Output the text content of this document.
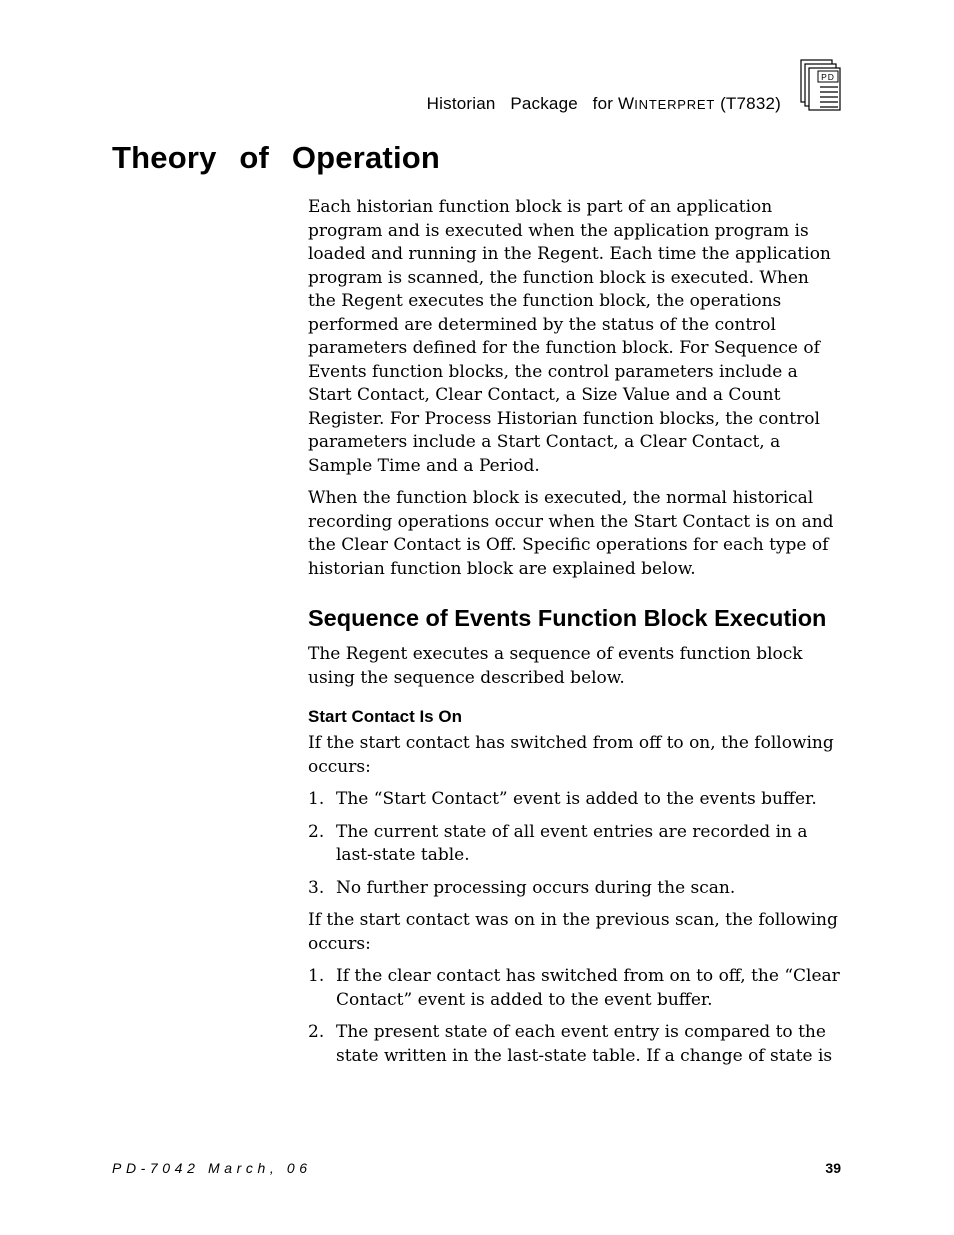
PD
Historian   Package   for WINTERPRET (T7832)
Theory of Operation

Each historian function block is part of an application program and is executed when the application program is loaded and running in the Regent. Each time the application program is scanned, the function block is executed. When the Regent executes the function block, the operations performed are determined by the status of the control parameters defined for the function block. For Sequence of Events function blocks, the control parameters include a Start Contact, Clear Contact, a Size Value and a Count Register. For Process Historian function blocks, the control parameters include a Start Contact, a Clear Contact, a Sample Time and a Period.

When the function block is executed, the normal historical recording operations occur when the Start Contact is on and the Clear Contact is Off. Specific operations for each type of historian function block are explained below.

Sequence of Events Function Block Execution

The Regent executes a sequence of events function block using the sequence described below.

Start Contact Is On

If the start contact has switched from off to on, the following occurs:

1. The “Start Contact” event is added to the events buffer.
2. The current state of all event entries are recorded in a last-state table.
3. No further processing occurs during the scan.

If the start contact was on in the previous scan, the following occurs:

1. If the clear contact has switched from on to off, the “Clear Contact” event is added to the event buffer.
2. The present state of each event entry is compared to the state written in the last-state table. If a change of state is
PD-7042 March, 06	39
